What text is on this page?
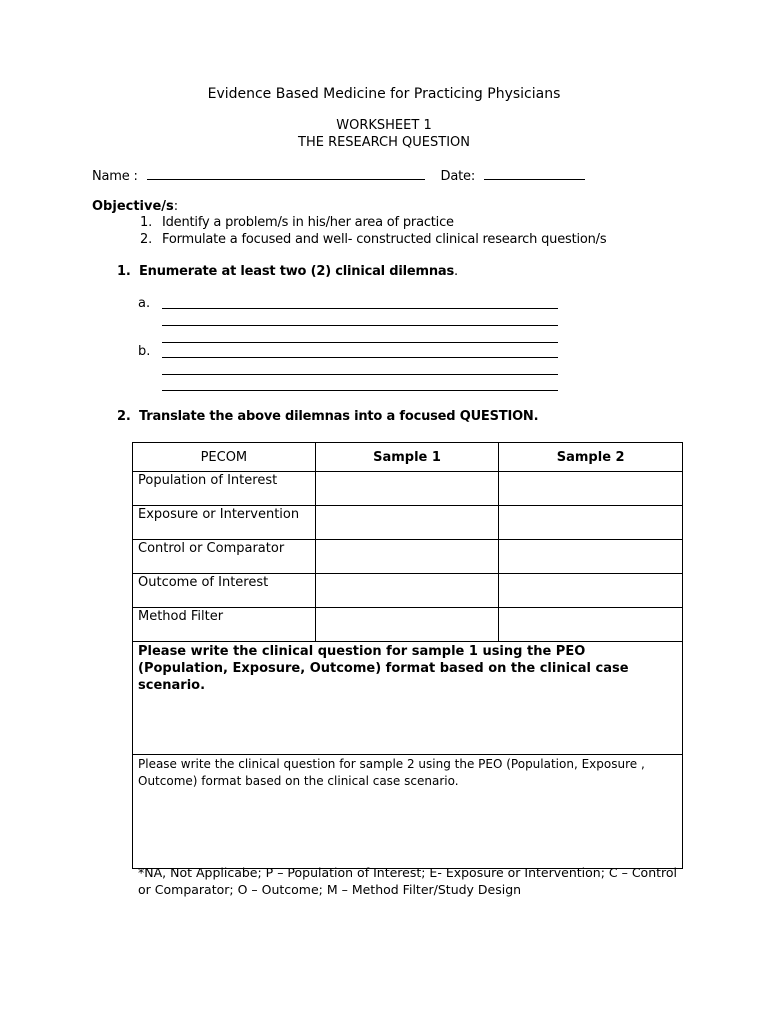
Evidence Based Medicine for Practicing Physicians
WORKSHEET 1
THE RESEARCH QUESTION
Name :	Date:
Objective/s:
1. Identify a problem/s in his/her area of practice
2. Formulate a focused and well- constructed clinical research question/s
1. Enumerate at least two (2) clinical dilemnas.
a.
b.
2. Translate the above dilemnas into a focused QUESTION.
PECOM	Sample 1	Sample 2
Population of Interest		
Exposure or Intervention		
Control or Comparator		
Outcome of Interest		
Method Filter		
Please write the clinical question for sample 1 using the PEO (Population, Exposure, Outcome) format based on the clinical case scenario.		
Please write the clinical question for sample 2 using the PEO (Population, Exposure , Outcome) format based on the clinical case scenario.		
*NA, Not Applicabe; P – Population of Interest; E- Exposure or Intervention; C – Control or Comparator; O – Outcome; M – Method Filter/Study Design
